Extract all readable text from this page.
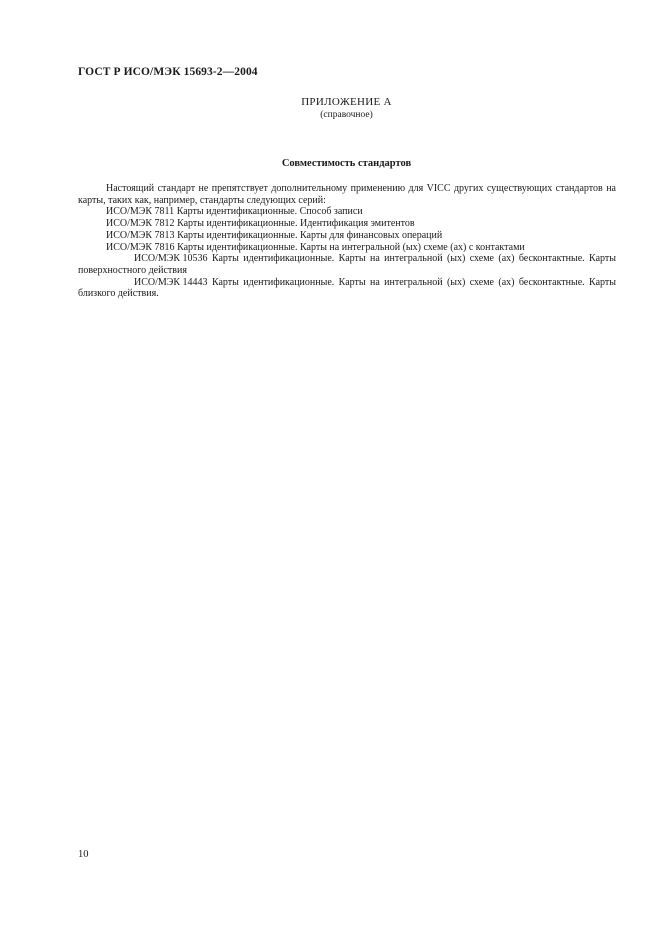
ГОСТ Р ИСО/МЭК 15693-2—2004
ПРИЛОЖЕНИЕ А
(справочное)
Совместимость стандартов

Настоящий стандарт не препятствует дополнительному применению для VICC других существующих стандартов на карты, таких как, например, стандарты следующих серий:

ИСО/МЭК 7811 Карты идентификационные. Способ записи

ИСО/МЭК 7812 Карты идентификационные. Идентификация эмитентов

ИСО/МЭК 7813 Карты идентификационные. Карты для финансовых операций

ИСО/МЭК 7816 Карты идентификационные. Карты на интегральной (ых) схеме (ах) с контактами

ИСО/МЭК 10536 Карты идентификационные. Карты на интегральной (ых) схеме (ах) бесконтактные. Карты поверхностного действия

ИСО/МЭК 14443 Карты идентификационные. Карты на интегральной (ых) схеме (ах) бесконтактные. Карты близкого действия.

10
